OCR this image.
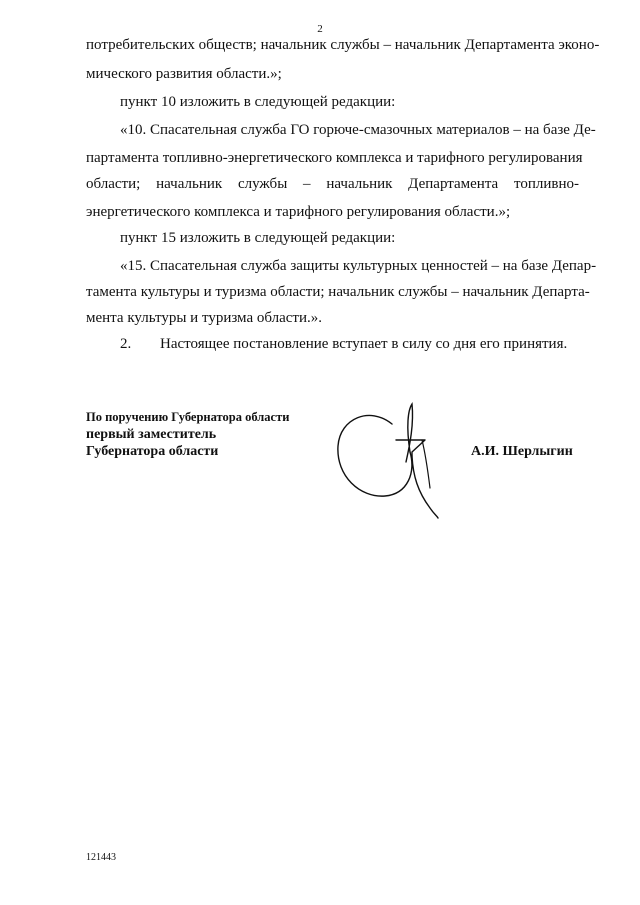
2
потребительских обществ; начальник службы – начальник Департамента эконо-
мического развития области.»;
пункт 10 изложить в следующей редакции:
«10. Спасательная служба ГО горюче-смазочных материалов – на базе Де-
партамента топливно-энергетического комплекса и тарифного регулирования
области; начальник службы – начальник Департамента топливно-
энергетического комплекса и тарифного регулирования области.»;
пункт 15 изложить в следующей редакции:
«15. Спасательная служба защиты культурных ценностей – на базе Депар-
тамента культуры и туризма области; начальник службы – начальник Департа-
мента культуры и туризма области.».
2.	Настоящее постановление вступает в силу со дня его принятия.
По поручению Губернатора области
первый заместитель
Губернатора области	А.И. Шерлыгин
121443
